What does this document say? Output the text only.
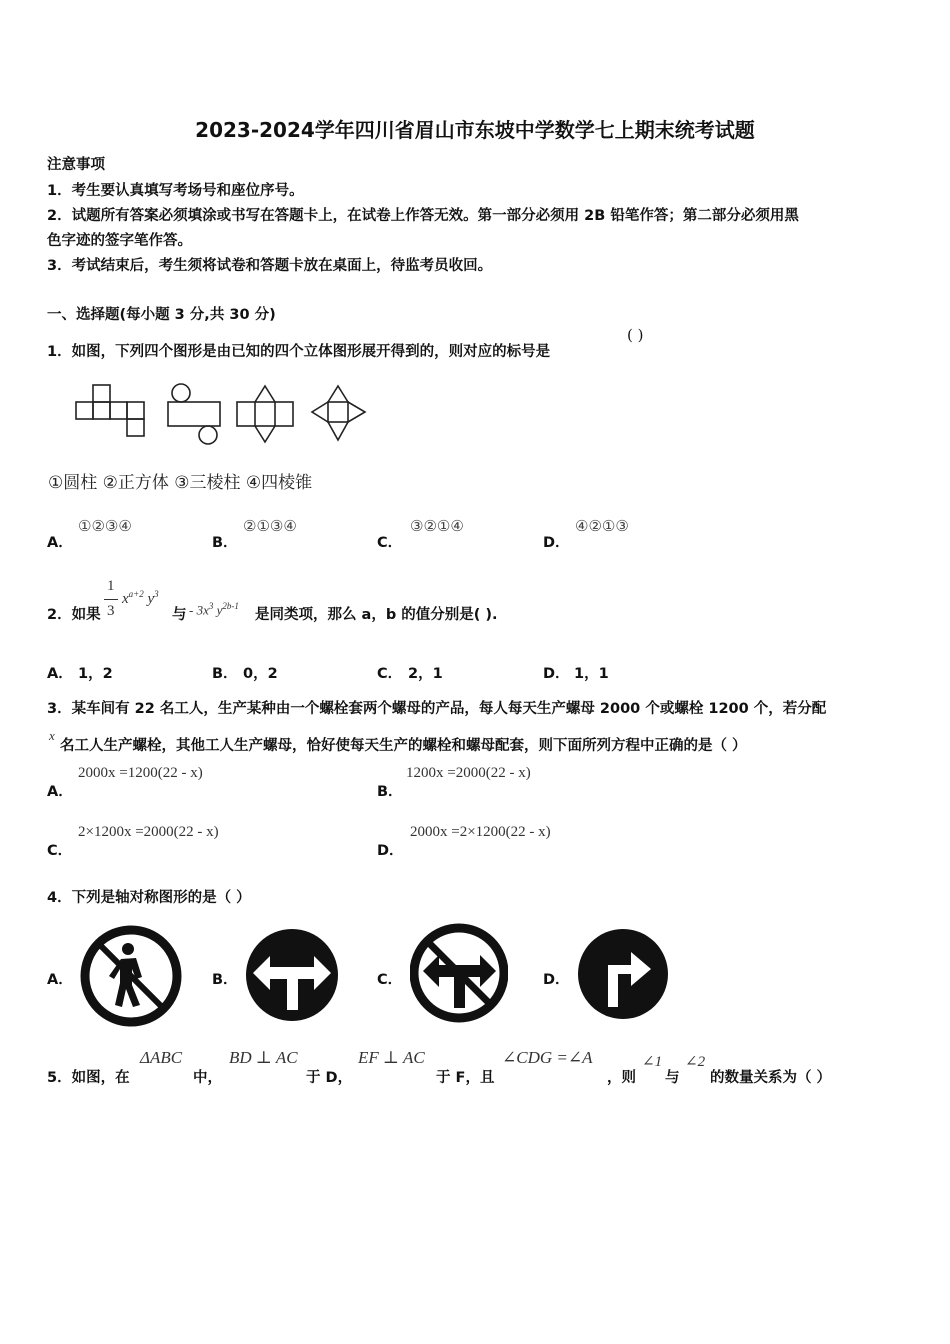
2023-2024学年四川省眉山市东坡中学数学七上期末统考试题
注意事项
1．考生要认真填写考场号和座位序号。
2．试题所有答案必须填涂或书写在答题卡上，在试卷上作答无效。第一部分必须用 2B 铅笔作答；第二部分必须用黑
色字迹的签字笔作答。
3．考试结束后，考生须将试卷和答题卡放在桌面上，待监考员收回。
一、选择题(每小题 3 分,共 30 分)
1．如图，下列四个图形是由已知的四个立体图形展开得到的，则对应的标号是
( )
①圆柱 ②正方体 ③三棱柱 ④四棱锥
A．
①②③④
B．
②①③④
C．
③②①④
D．
④②①③
2．如果
1
3
$x^{a+2}$ $y^3$
与 - $3x^3$ $y^{2b-1}$
是同类项，那么 a，b 的值分别是( ).
A． 1，2	B． 0，2	C． 2，1	D． 1，1
3．某车间有 22 名工人，生产某种由一个螺栓套两个螺母的产品，每人每天生产螺母 2000 个或螺栓 1200 个，若分配
x
名工人生产螺栓，其他工人生产螺母，恰好使每天生产的螺栓和螺母配套，则下面所列方程中正确的是（ ）
A．
2000x =1200(22 - x)
B．
1200x =2000(22 - x)
C．
2×1200x =2000(22 - x)
D．
2000x =2×1200(22 - x)
4．下列是轴对称图形的是（ ）
A．	B．	C．	D．
5．如图，在
ΔABC
中，
BD ⊥ AC
于 D，
EF ⊥ AC
于 F，且
∠CDG =∠A
，则
∠1
与
∠2
的数量关系为（ ）
